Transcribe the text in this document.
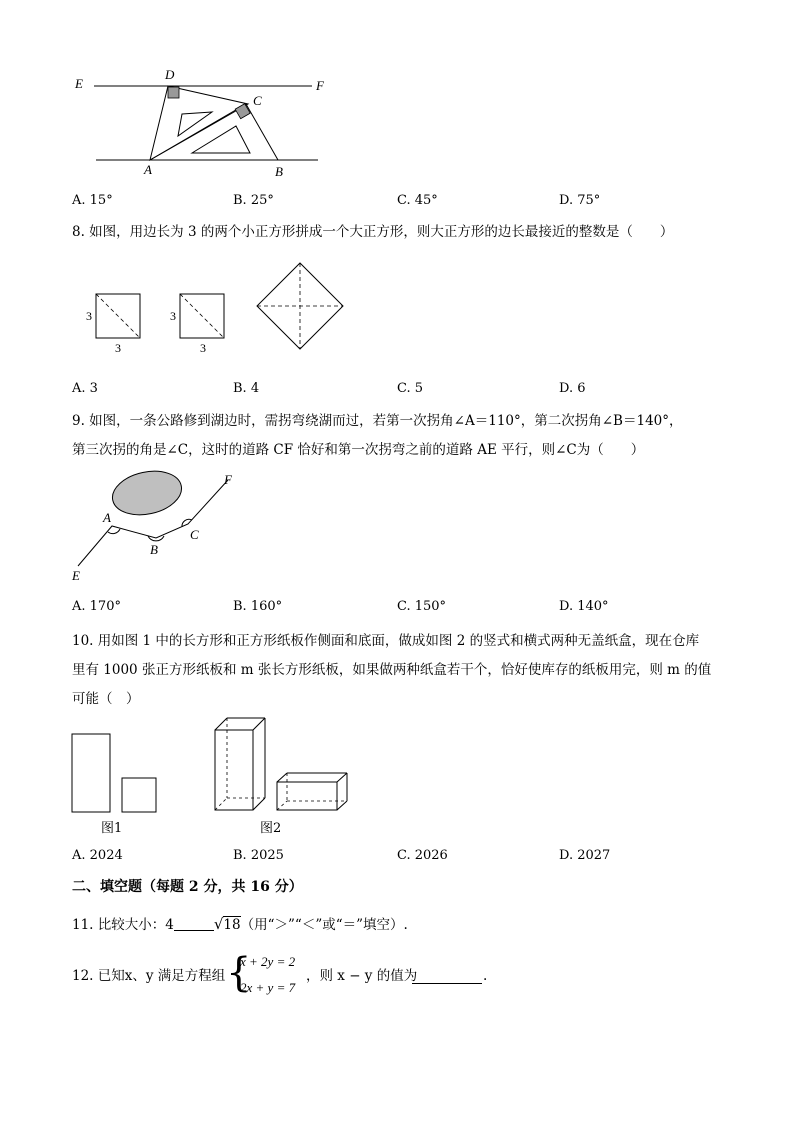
E	F
D
C
A	B
A. 15°	B. 25°	C. 45°	D. 75°
8. 如图，用边长为 3 的两个小正方形拼成一个大正方形，则大正方形的边长最接近的整数是（　　）
3
3
3
3
A. 3	B. 4	C. 5	D. 6
9. 如图，一条公路修到湖边时，需拐弯绕湖而过，若第一次拐角∠A＝110°，第二次拐角∠B＝140°，
第三次拐的角是∠C，这时的道路 CF 恰好和第一次拐弯之前的道路 AE 平行，则∠C为（　　）
A
B
C
E
F
A. 170°	B. 160°	C. 150°	D. 140°
10. 用如图 1 中的长方形和正方形纸板作侧面和底面，做成如图 2 的竖式和横式两种无盖纸盒，现在仓库
里有 1000 张正方形纸板和 m 张长方形纸板，如果做两种纸盒若干个，恰好使库存的纸板用完，则 m 的值
可能（　）
图1	图2
A. 2024	B. 2025	C. 2026	D. 2027
二、填空题（每题 2 分，共 16 分）
11. 比较大小：4	√18（用“＞”“＜”或“＝”填空）.
12. 已知x、y 满足方程组 {
x + 2y = 2
2x + y = 7
，则 x − y 的值为	.
